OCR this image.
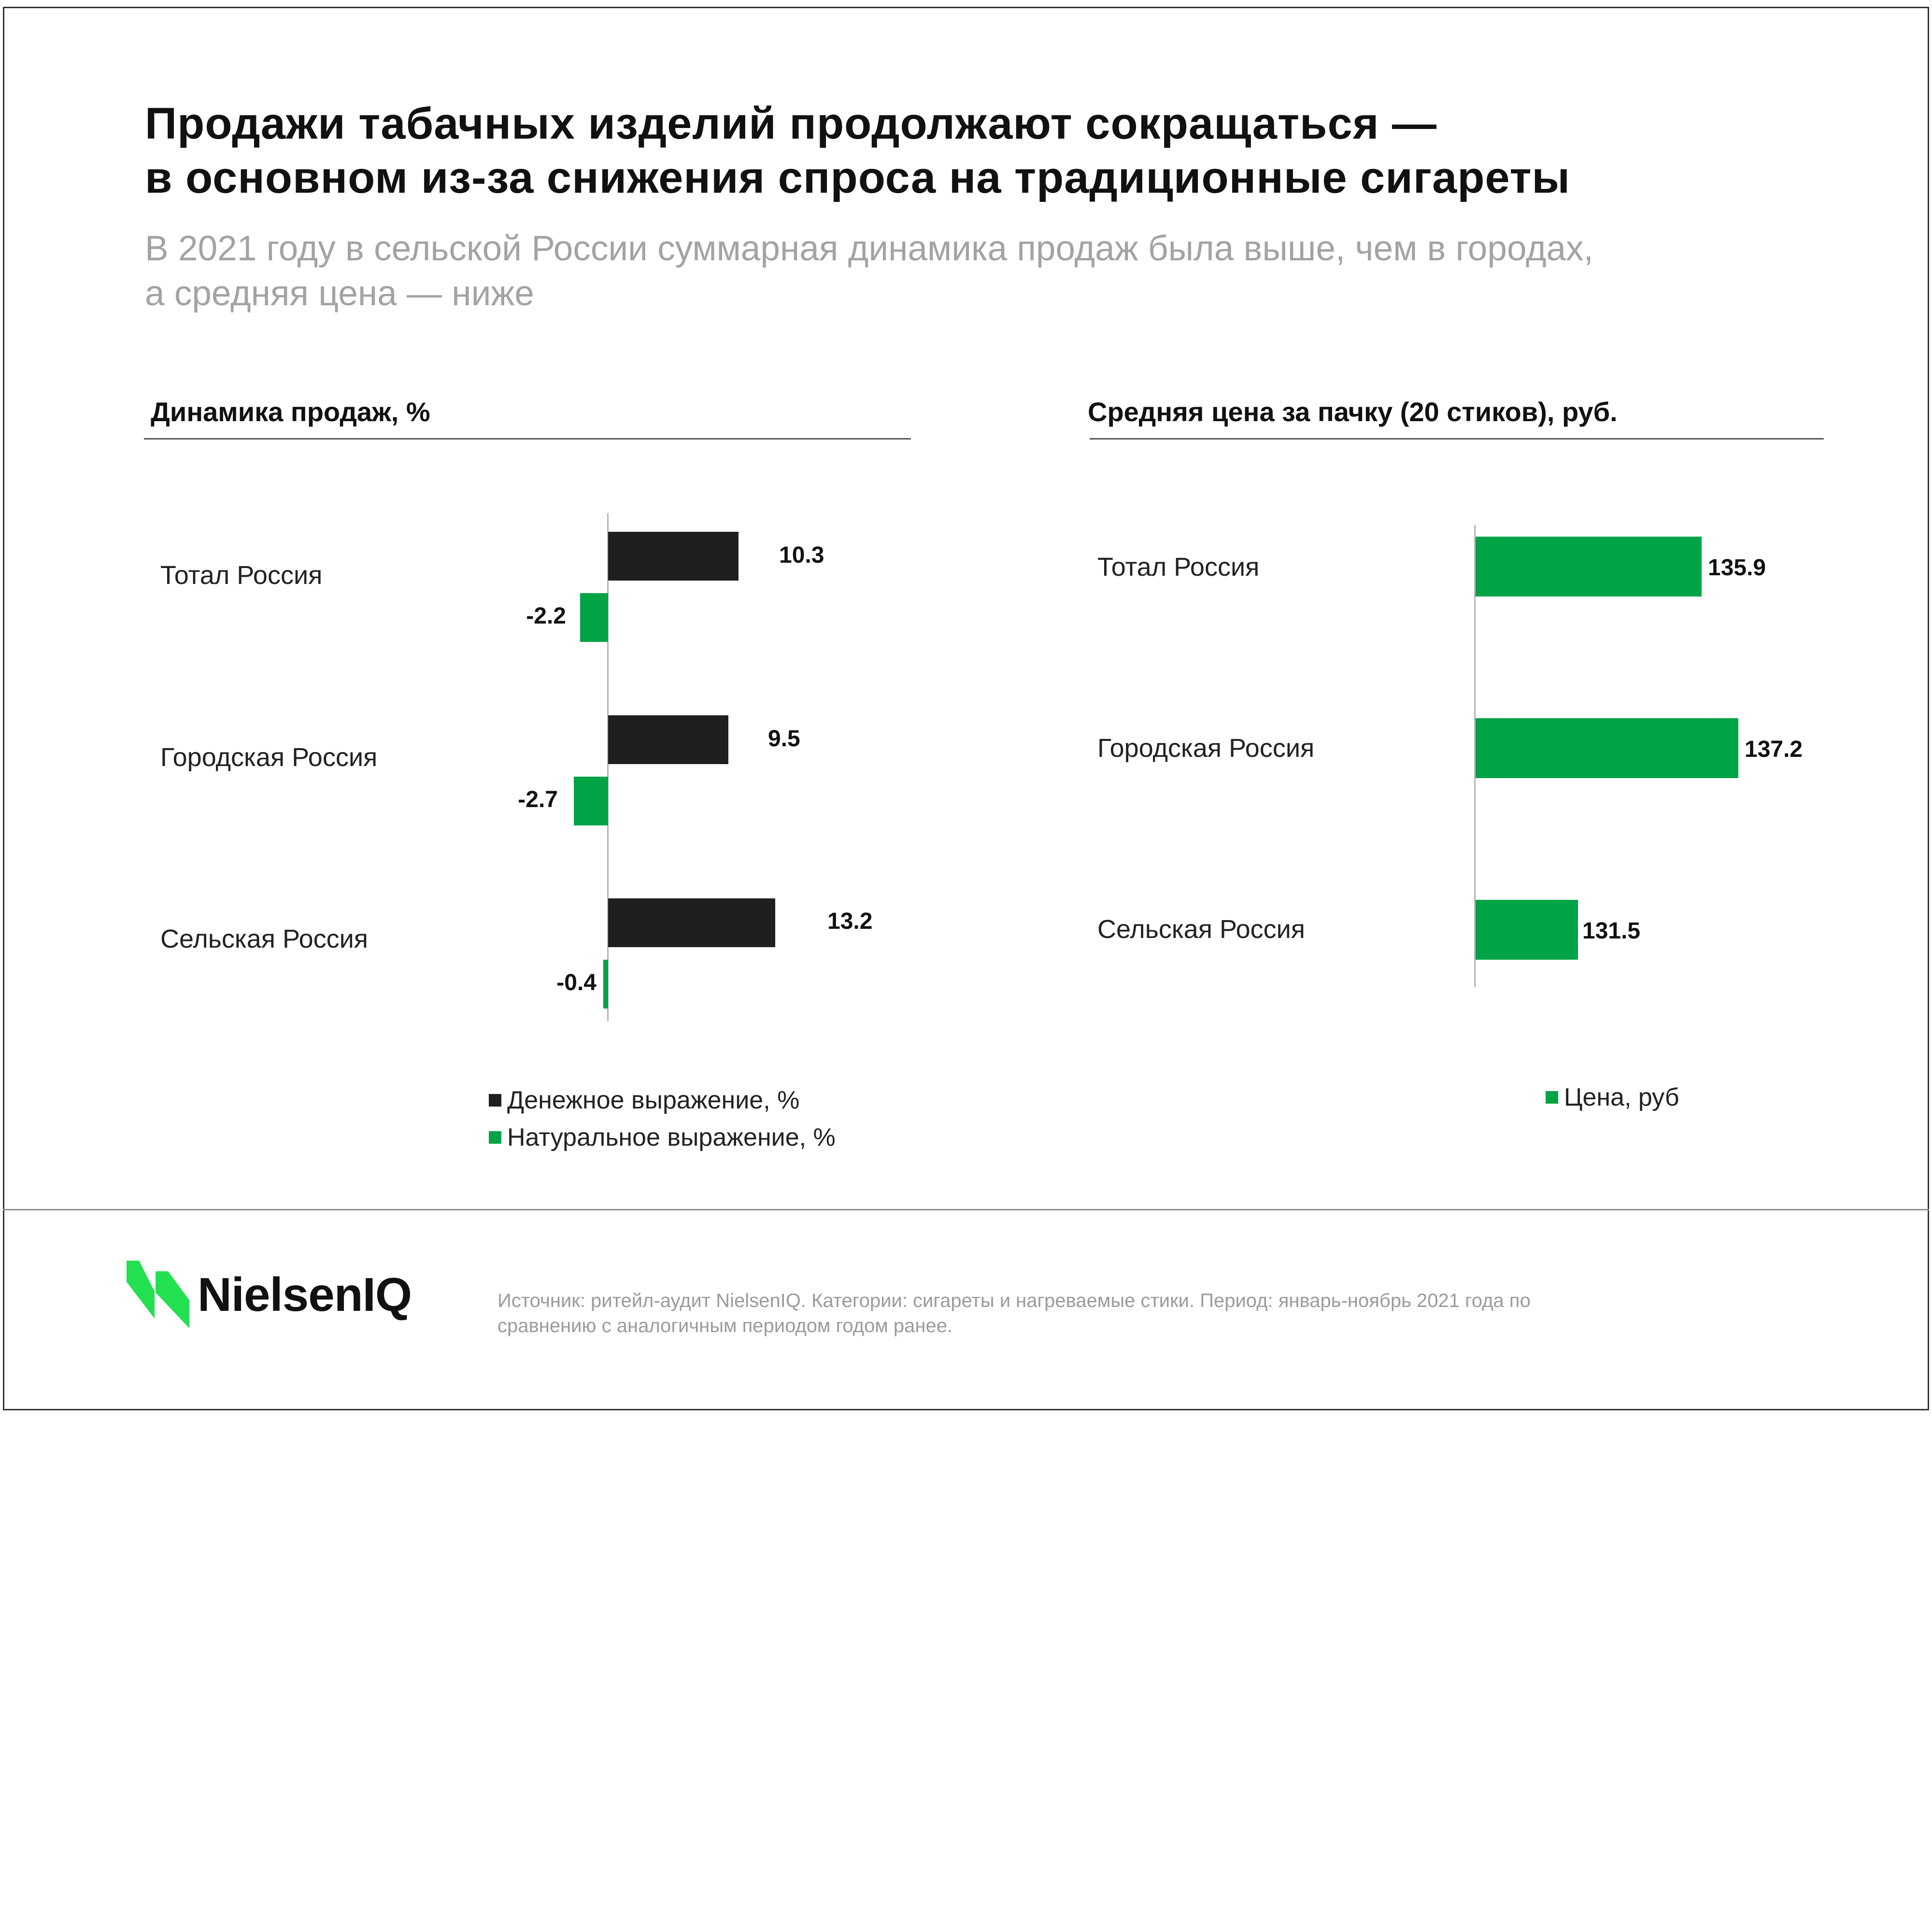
Продажи табачных изделий продолжают сокращаться —
в основном из-за снижения спроса на традиционные сигареты
В 2021 году в сельской России суммарная динамика продаж была выше, чем в городах,
а средняя цена — ниже
Динамика продаж, %
Тотал Россия
Городская Россия
Сельская Россия
10.3
9.5
13.2
-2.2
-2.7
-0.4
Денежное выражение, %
Натуральное выражение, %
Средняя цена за пачку (20 стиков), руб.
Тотал Россия
Городская Россия
Сельская Россия
135.9
137.2
131.5
Цена, руб
NielsenIQ	Источник: ритейл-аудит NielsenIQ. Категории: сигареты и нагреваемые стики. Период: январь-ноябрь 2021 года по
сравнению с аналогичным периодом годом ранее.
